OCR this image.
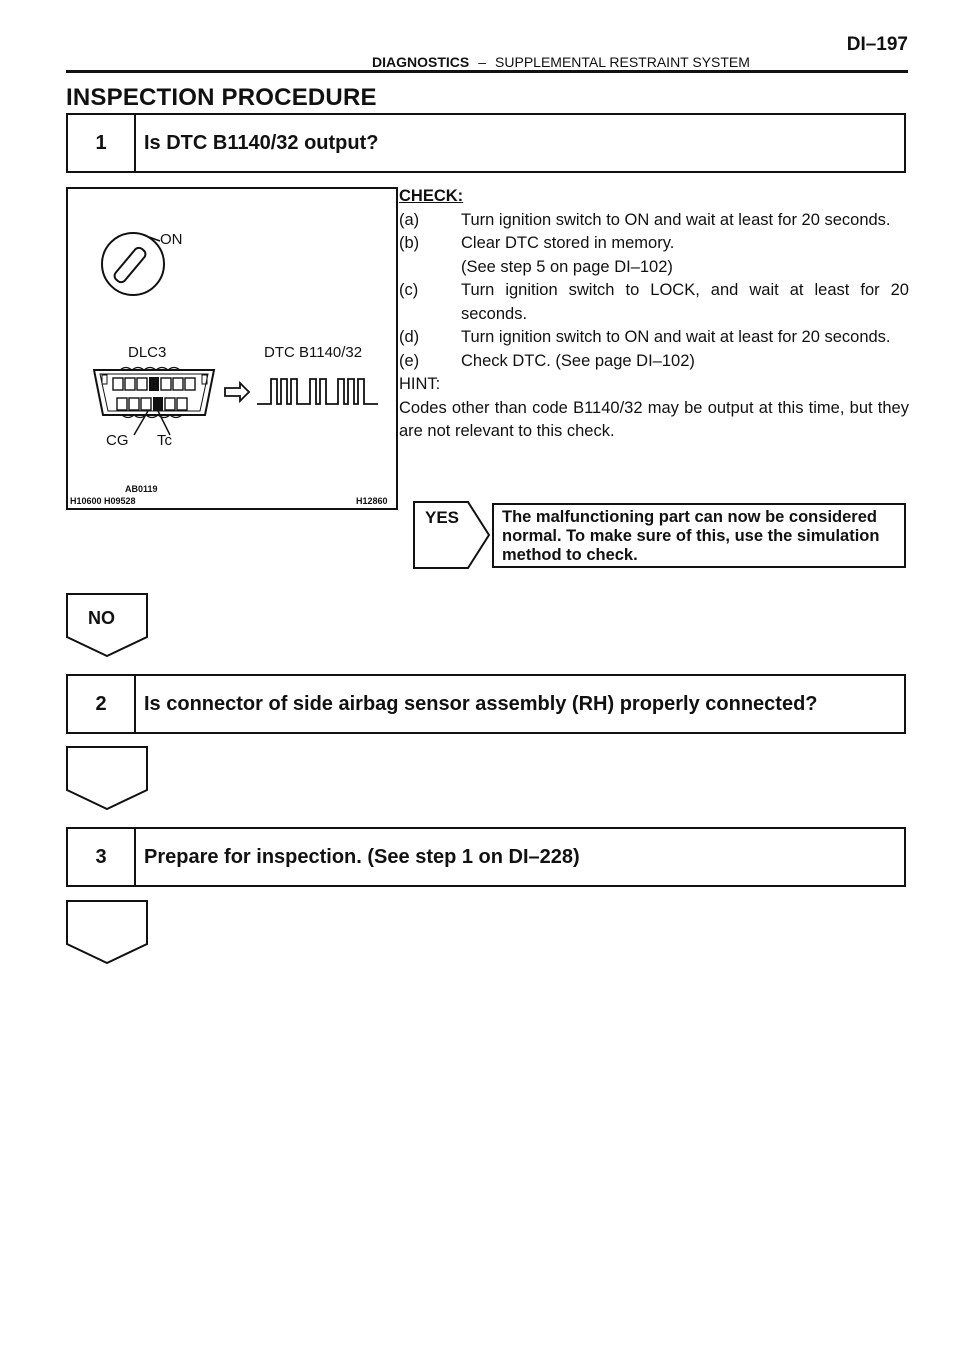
DI–197
DIAGNOSTICS – SUPPLEMENTAL RESTRAINT SYSTEM
INSPECTION PROCEDURE
1	Is DTC B1140/32 output?
ON
DLC3	DTC B1140/32
CG Tc
AB0119
H10600 H09528	H12860
CHECK:
(a)	Turn ignition switch to ON and wait at least for 20 seconds.
(b)	Clear DTC stored in memory.
(See step 5 on page DI–102)
(c)	Turn ignition switch to LOCK, and wait at least for 20 seconds.
(d)	Turn ignition switch to ON and wait at least for 20 seconds.
(e)	Check DTC. (See page DI–102)
HINT:
Codes other than code B1140/32 may be output at this time, but they are not relevant to this check.
YES	The malfunctioning part can now be considered normal. To make sure of this, use the simulation method to check.
NO
2	Is connector of side airbag sensor assembly (RH) properly connected?
3	Prepare for inspection. (See step 1 on DI–228)
